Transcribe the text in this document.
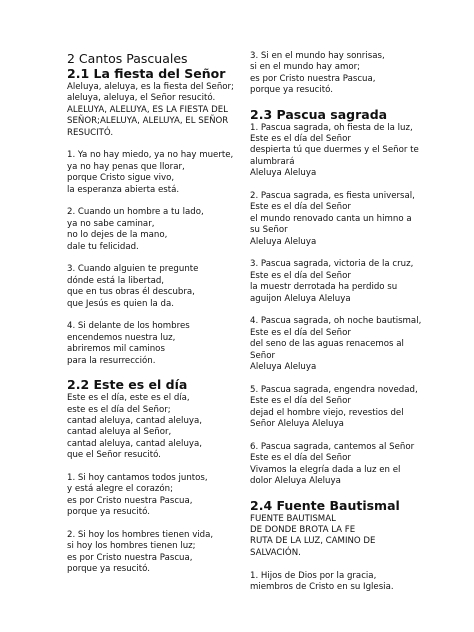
2 Cantos Pascuales
2.1 La fiesta del Señor
Aleluya, aleluya, es la fiesta del Señor;
aleluya, aleluya, el Señor resucitó.
ALELUYA, ALELUYA, ES LA FIESTA DEL
SEÑOR;ALELUYA, ALELUYA, EL SEÑOR
RESUCITÓ.
1. Ya no hay miedo, ya no hay muerte,
ya no hay penas que llorar,
porque Cristo sigue vivo,
la esperanza abierta está.
2. Cuando un hombre a tu lado,
ya no sabe caminar,
no lo dejes de la mano,
dale tu felicidad.
3. Cuando alguien te pregunte
dónde está la libertad,
que en tus obras él descubra,
que Jesús es quien la da.
4. Si delante de los hombres
encendemos nuestra luz,
abriremos mil caminos
para la resurrección.
2.2 Este es el día
Este es el día, este es el día,
este es el día del Señor;
cantad aleluya, cantad aleluya,
cantad aleluya al Señor,
cantad aleluya, cantad aleluya,
que el Señor resucitó.
1. Si hoy cantamos todos juntos,
y está alegre el corazón;
es por Cristo nuestra Pascua,
porque ya resucitó.
2. Si hoy los hombres tienen vida,
si hoy los hombres tienen luz;
es por Cristo nuestra Pascua,
porque ya resucitó.
3. Si en el mundo hay sonrisas,
si en el mundo hay amor;
es por Cristo nuestra Pascua,
porque ya resucitó.
2.3 Pascua sagrada
1. Pascua sagrada, oh fiesta de la luz,
Este es el día del Señor
despierta tú que duermes y el Señor te
alumbrará
Aleluya Aleluya
2. Pascua sagrada, es fiesta universal,
Este es el día del Señor
el mundo renovado canta un himno a
su Señor
Aleluya Aleluya
3. Pascua sagrada, victoria de la cruz,
Este es el día del Señor
la muestr derrotada ha perdido su
aguijon Aleluya Aleluya
4. Pascua sagrada, oh noche bautismal,
Este es el día del Señor
del seno de las aguas renacemos al
Señor
Aleluya Aleluya
5. Pascua sagrada, engendra novedad,
Este es el día del Señor
dejad el hombre viejo, revestios del
Señor Aleluya Aleluya
6. Pascua sagrada, cantemos al Señor
Este es el día del Señor
Vivamos la elegría dada a luz en el
dolor Aleluya Aleluya
2.4 Fuente Bautismal
FUENTE BAUTISMAL
DE DONDE BROTA LA FE
RUTA DE LA LUZ, CAMINO DE
SALVACIÓN.
1. Hijos de Dios por la gracia,
miembros de Cristo en su Iglesia.
